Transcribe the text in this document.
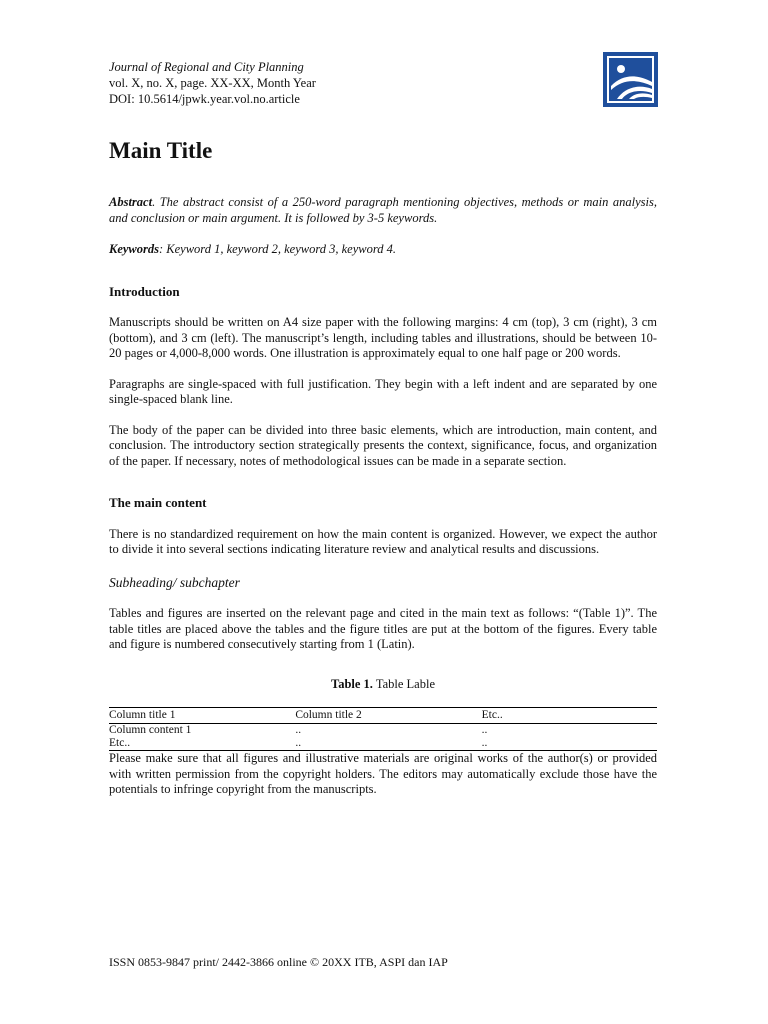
Journal of Regional and City Planning
vol. X, no. X, page. XX-XX, Month Year
DOI: 10.5614/jpwk.year.vol.no.article
Main Title

Abstract. The abstract consist of a 250-word paragraph mentioning objectives, methods or main analysis, and conclusion or main argument. It is followed by 3-5 keywords.

Keywords: Keyword 1, keyword 2, keyword 3, keyword 4.

Introduction

Manuscripts should be written on A4 size paper with the following margins: 4 cm (top), 3 cm (right), 3 cm (bottom), and 3 cm (left). The manuscript’s length, including tables and illustrations, should be between 10-20 pages or 4,000-8,000 words. One illustration is approximately equal to one half page or 200 words.

Paragraphs are single-spaced with full justification. They begin with a left indent and are separated by one single-spaced blank line.

The body of the paper can be divided into three basic elements, which are introduction, main content, and conclusion. The introductory section strategically presents the context, significance, focus, and organization of the paper. If necessary, notes of methodological issues can be made in a separate section.

The main content

There is no standardized requirement on how the main content is organized. However, we expect the author to divide it into several sections indicating literature review and analytical results and discussions.

Subheading/ subchapter

Tables and figures are inserted on the relevant page and cited in the main text as follows: “(Table 1)”. The table titles are placed above the tables and the figure titles are put at the bottom of the figures. Every table and figure is numbered consecutively starting from 1 (Latin).

Table 1. Table Lable
Column title 1	Column title 2	Etc..
Column content 1	..	..
Etc..	..	..

Please make sure that all figures and illustrative materials are original works of the author(s) or provided with written permission from the copyright holders. The editors may automatically exclude those have the potentials to infringe copyright from the manuscripts.

ISSN 0853-9847 print/ 2442-3866 online © 20XX ITB, ASPI dan IAP
